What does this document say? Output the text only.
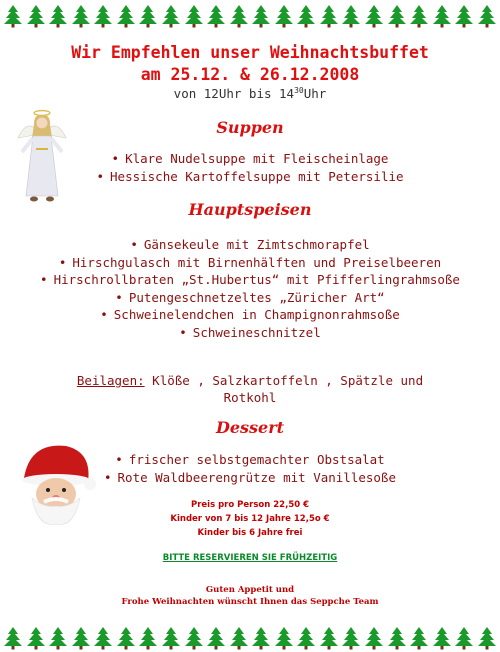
Wir Empfehlen unser Weihnachtsbuffet
am 25.12. & 26.12.2008
von 12Uhr bis $14^{30}Uhr$
Suppen
• Klare Nudelsuppe mit Fleischeinlage
• Hessische Kartoffelsuppe mit Petersilie
Hauptspeisen
• Gänsekeule mit Zimtschmorapfel
• Hirschgulasch mit Birnenhälften und Preiselbeeren
• Hirschrollbraten „St.Hubertus“ mit Pfifferlingrahmsoße
• Putengeschnetzeltes „Züricher Art“
• Schweinelendchen in Champignonrahmsoße
• Schweineschnitzel
Beilagen: Klöße , Salzkartoffeln , Spätzle und Rotkohl
Dessert
• frischer selbstgemachter Obstsalat
• Rote Waldbeerengrütze mit Vanillesoße
Preis pro Person 22,50 €
Kinder von 7 bis 12 Jahre 12,5o €
Kinder bis 6 Jahre frei
BITTE RESERVIEREN SIE FRÜHZEITIG
Guten Appetit und
Frohe Weihnachten wünscht Ihnen das Seppche Team
